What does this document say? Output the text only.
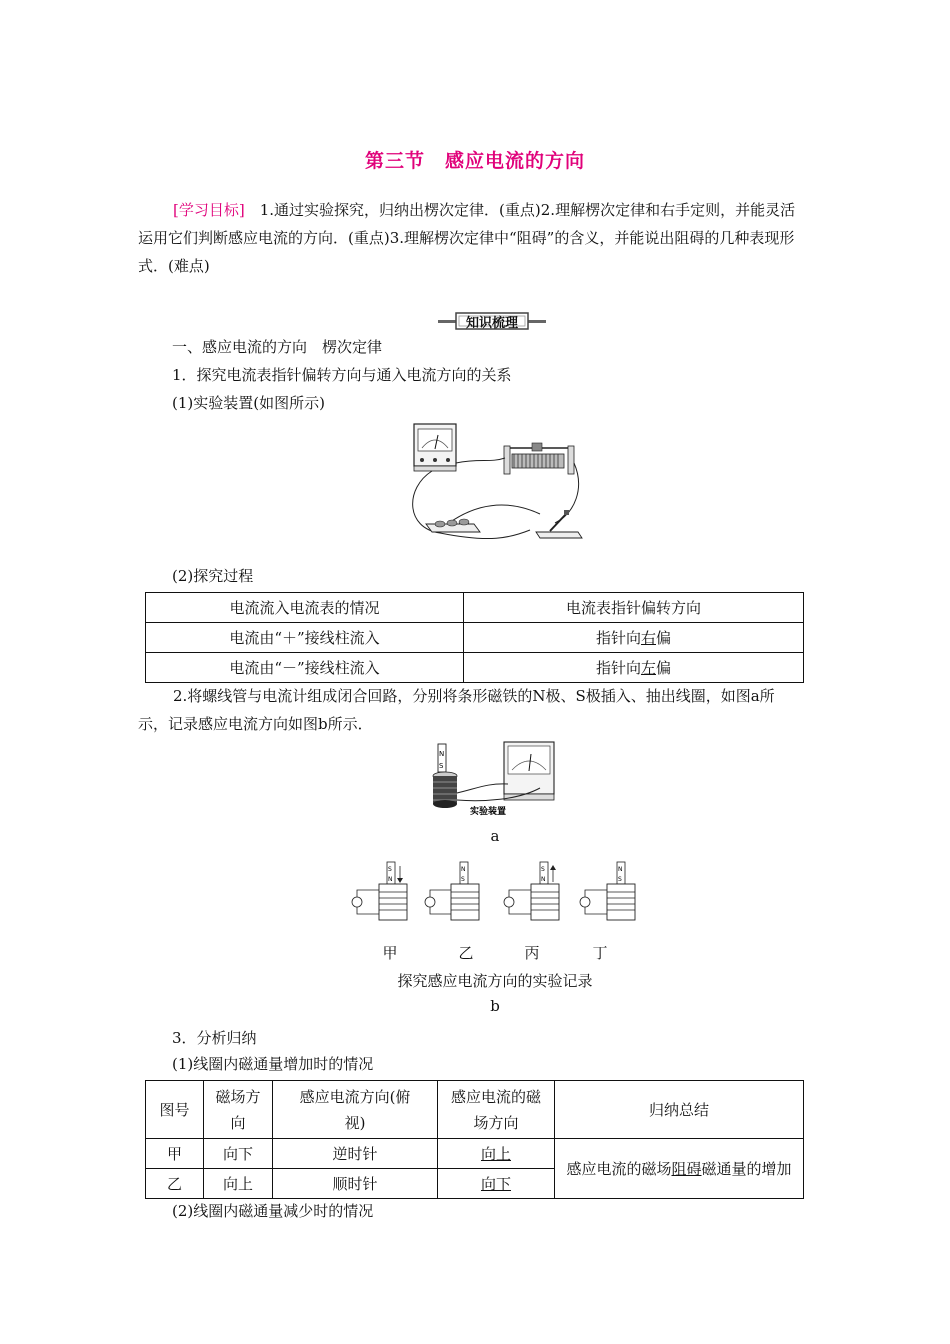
第三节　感应电流的方向
[学习目标]　 1.通过实验探究，归纳出楞次定律．(重点)2.理解楞次定律和右手定则，并能灵活运用它们判断感应电流的方向．(重点)3.理解楞次定律中“阻碍”的含义，并能说出阻碍的几种表现形式．(难点)
知识梳理
一、感应电流的方向　楞次定律
1．探究电流表指针偏转方向与通入电流方向的关系
(1)实验装置(如图所示)
(2)探究过程
电流流入电流表的情况	电流表指针偏转方向
电流由“＋”接线柱流入	指针向右偏
电流由“－”接线柱流入	指针向左偏
2.将螺线管与电流计组成闭合回路，分别将条形磁铁的N极、S极插入、抽出线圈，如图a所示，记录感应电流方向如图b所示．
N
S
实验装置
a
S
N
N
S
S
N
N
S
甲	乙	丙	丁
探究感应电流方向的实验记录
b
3．分析归纳
(1)线圈内磁通量增加时的情况
图号	磁场方向	感应电流方向(俯视)	感应电流的磁场方向	归纳总结
甲	向下	逆时针	向上	感应电流的磁场阻碍磁通量的增加
乙	向上	顺时针	向下	
(2)线圈内磁通量减少时的情况
